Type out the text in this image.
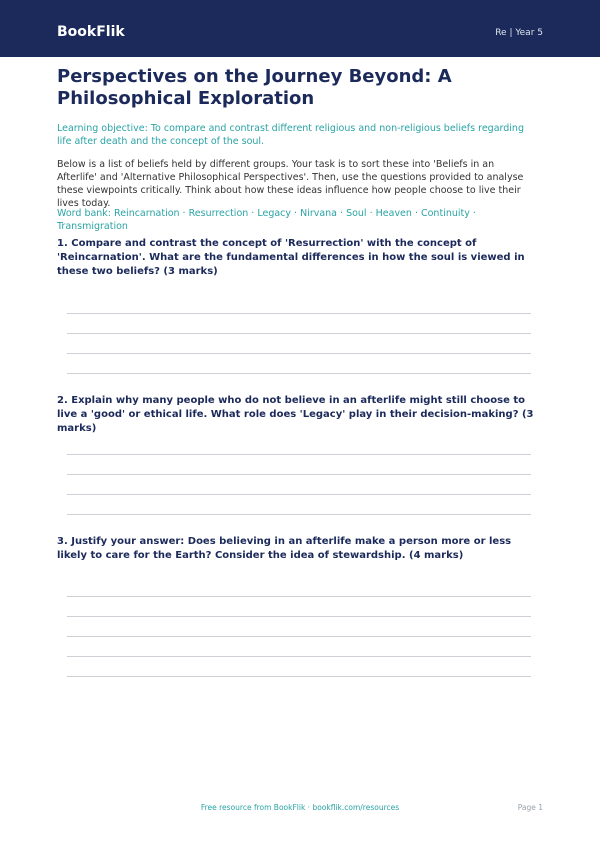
BookFlik	Re | Year 5
Perspectives on the Journey Beyond: A Philosophical Exploration

Learning objective: To compare and contrast different religious and non-religious beliefs regarding life after death and the concept of the soul.

Below is a list of beliefs held by different groups. Your task is to sort these into 'Beliefs in an Afterlife' and 'Alternative Philosophical Perspectives'. Then, use the questions provided to analyse these viewpoints critically. Think about how these ideas influence how people choose to live their lives today.

Word bank: Reincarnation · Resurrection · Legacy · Nirvana · Soul · Heaven · Continuity · Transmigration

1. Compare and contrast the concept of 'Resurrection' with the concept of 'Reincarnation'. What are the fundamental differences in how the soul is viewed in these two beliefs? (3 marks)

2. Explain why many people who do not believe in an afterlife might still choose to live a 'good' or ethical life. What role does 'Legacy' play in their decision-making? (3 marks)

3. Justify your answer: Does believing in an afterlife make a person more or less likely to care for the Earth? Consider the idea of stewardship. (4 marks)

Free resource from BookFlik · bookflik.com/resources	Page 1
